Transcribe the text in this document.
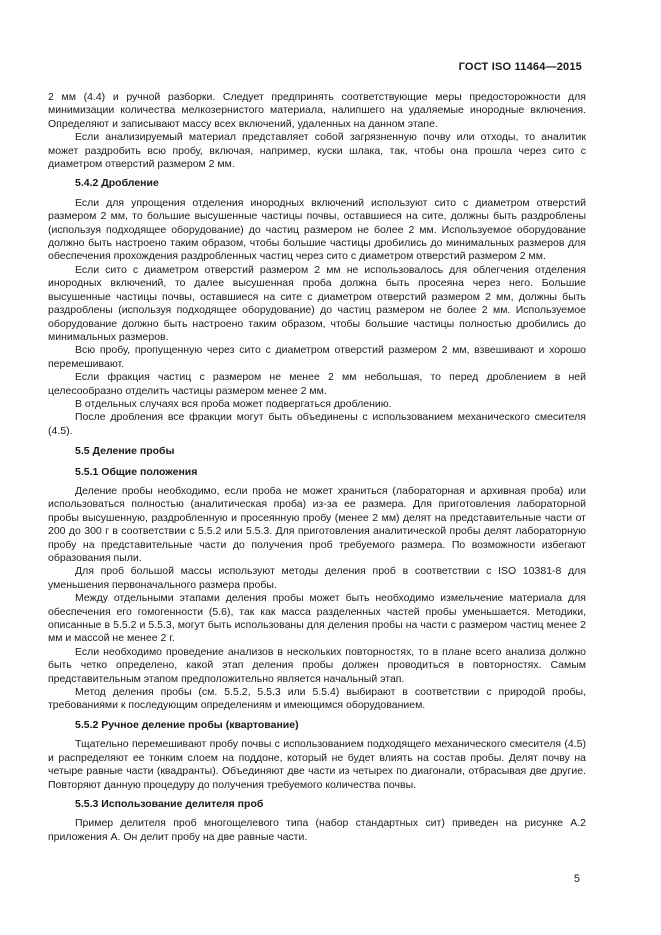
ГОСТ ISO 11464—2015

2 мм (4.4) и ручной разборки. Следует предпринять соответствующие меры предосторожности для минимизации количества мелкозернистого материала, налипшего на удаляемые инородные включения. Определяют и записывают массу всех включений, удаленных на данном этапе.

Если анализируемый материал представляет собой загрязненную почву или отходы, то аналитик может раздробить всю пробу, включая, например, куски шлака, так, чтобы она прошла через сито с диаметром отверстий размером 2 мм.

5.4.2 Дробление

Если для упрощения отделения инородных включений используют сито с диаметром отверстий размером 2 мм, то большие высушенные частицы почвы, оставшиеся на сите, должны быть раздроблены (используя подходящее оборудование) до частиц размером не более 2 мм. Используемое оборудование должно быть настроено таким образом, чтобы большие частицы дробились до минимальных размеров для обеспечения прохождения раздробленных частиц через сито с диаметром отверстий размером 2 мм.

Если сито с диаметром отверстий размером 2 мм не использовалось для облегчения отделения инородных включений, то далее высушенная проба должна быть просеяна через него. Большие высушенные частицы почвы, оставшиеся на сите с диаметром отверстий размером 2 мм, должны быть раздроблены (используя подходящее оборудование) до частиц размером не более 2 мм. Используемое оборудование должно быть настроено таким образом, чтобы большие частицы полностью дробились до минимальных размеров.

Всю пробу, пропущенную через сито с диаметром отверстий размером 2 мм, взвешивают и хорошо перемешивают.

Если фракция частиц с размером не менее 2 мм небольшая, то перед дроблением в ней целесообразно отделить частицы размером менее 2 мм.

В отдельных случаях вся проба может подвергаться дроблению.

После дробления все фракции могут быть объединены с использованием механического смесителя (4.5).

5.5 Деление пробы
5.5.1 Общие положения

Деление пробы необходимо, если проба не может храниться (лабораторная и архивная проба) или использоваться полностью (аналитическая проба) из-за ее размера. Для приготовления лабораторной пробы высушенную, раздробленную и просеянную пробу (менее 2 мм) делят на представительные части от 200 до 300 г в соответствии с 5.5.2 или 5.5.3. Для приготовления аналитической пробы делят лабораторную пробу на представительные части до получения проб требуемого размера. По возможности избегают образования пыли.

Для проб большой массы используют методы деления проб в соответствии с ISO 10381-8 для уменьшения первоначального размера пробы.

Между отдельными этапами деления пробы может быть необходимо измельчение материала для обеспечения его гомогенности (5.6), так как масса разделенных частей пробы уменьшается. Методики, описанные в 5.5.2 и 5.5.3, могут быть использованы для деления пробы на части с размером частиц менее 2 мм и массой не менее 2 г.

Если необходимо проведение анализов в нескольких повторностях, то в плане всего анализа должно быть четко определено, какой этап деления пробы должен проводиться в повторностях. Самым представительным этапом предположительно является начальный этап.

Метод деления пробы (см. 5.5.2, 5.5.3 или 5.5.4) выбирают в соответствии с природой пробы, требованиями к последующим определениям и имеющимся оборудованием.

5.5.2 Ручное деление пробы (квартование)

Тщательно перемешивают пробу почвы с использованием подходящего механического смесителя (4.5) и распределяют ее тонким слоем на поддоне, который не будет влиять на состав пробы. Делят почву на четыре равные части (квадранты). Объединяют две части из четырех по диагонали, отбрасывая две другие. Повторяют данную процедуру до получения требуемого количества почвы.

5.5.3 Использование делителя проб

Пример делителя проб многощелевого типа (набор стандартных сит) приведен на рисунке А.2 приложения А. Он делит пробу на две равные части.

5
